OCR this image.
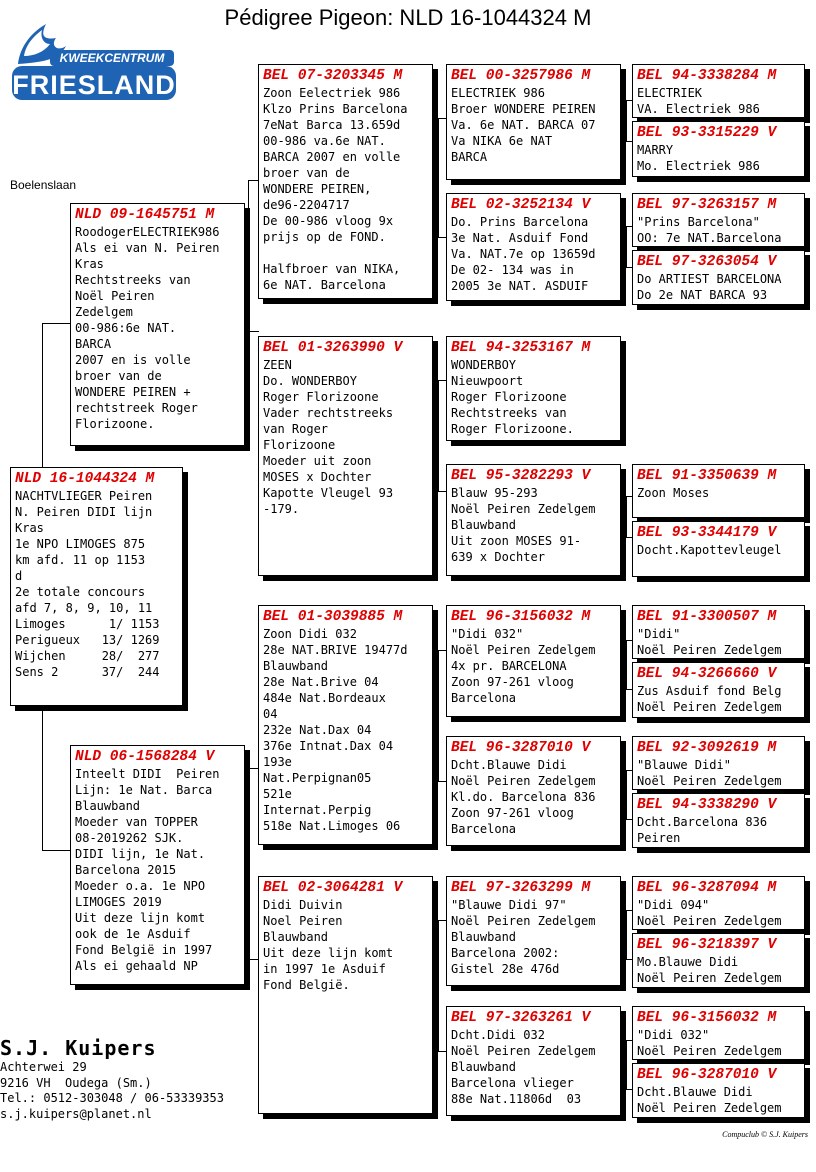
Pédigree Pigeon: NLD 16-1044324 M
KWEEKCENTRUM
FRIESLAND
Boelenslaan
NLD 16-1044324 M
NACHTVLIEGER Peiren
N. Peiren DIDI lijn
Kras
1e NPO LIMOGES 875
km afd. 11 op 1153
d
2e totale concours
afd 7, 8, 9, 10, 11
Limoges      1/ 1153
Perigueux   13/ 1269
Wijchen     28/  277
Sens 2      37/  244
NLD 09-1645751 M
RoodogerELECTRIEK986
Als ei van N. Peiren
Kras
Rechtstreeks van
Noël Peiren
Zedelgem
00-986:6e NAT.
BARCA
2007 en is volle
broer van de
WONDERE PEIREN +
rechtstreek Roger
Florizoone.
NLD 06-1568284 V
Inteelt DIDI  Peiren
Lijn: 1e Nat. Barca
Blauwband
Moeder van TOPPER
08-2019262 SJK.
DIDI lijn, 1e Nat.
Barcelona 2015
Moeder o.a. 1e NPO
LIMOGES 2019
Uit deze lijn komt
ook de 1e Asduif
Fond België in 1997
Als ei gehaald NP
BEL 07-3203345 M
Zoon Eelectriek 986
Klzo Prins Barcelona
7eNat Barca 13.659d
00-986 va.6e NAT.
BARCA 2007 en volle
broer van de
WONDERE PEIREN,
de96-2204717
De 00-986 vloog 9x
prijs op de FOND.

Halfbroer van NIKA,
6e NAT. Barcelona
BEL 01-3263990 V
ZEEN
Do. WONDERBOY
Roger Florizoone
Vader rechtstreeks
van Roger
Florizoone
Moeder uit zoon
MOSES x Dochter
Kapotte Vleugel 93
-179.
BEL 01-3039885 M
Zoon Didi 032
28e NAT.BRIVE 19477d
Blauwband
28e Nat.Brive 04
484e Nat.Bordeaux
04
232e Nat.Dax 04
376e Intnat.Dax 04
193e
Nat.Perpignan05
521e
Internat.Perpig
518e Nat.Limoges 06
BEL 02-3064281 V
Didi Duivin
Noel Peiren
Blauwband
Uit deze lijn komt
in 1997 1e Asduif
Fond België.
BEL 00-3257986 M
ELECTRIEK 986
Broer WONDERE PEIREN
Va. 6e NAT. BARCA 07
Va NIKA 6e NAT
BARCA
BEL 02-3252134 V
Do. Prins Barcelona
3e Nat. Asduif Fond
Va. NAT.7e op 13659d
De 02- 134 was in
2005 3e NAT. ASDUIF
BEL 94-3253167 M
WONDERBOY
Nieuwpoort
Roger Florizoone
Rechtstreeks van
Roger Florizoone.
BEL 95-3282293 V
Blauw 95-293
Noël Peiren Zedelgem
Blauwband
Uit zoon MOSES 91-
639 x Dochter
BEL 96-3156032 M
"Didi 032"
Noël Peiren Zedelgem
4x pr. BARCELONA
Zoon 97-261 vloog
Barcelona
BEL 96-3287010 V
Dcht.Blauwe Didi
Noël Peiren Zedelgem
Kl.do. Barcelona 836
Zoon 97-261 vloog
Barcelona
BEL 97-3263299 M
"Blauwe Didi 97"
Noël Peiren Zedelgem
Blauwband
Barcelona 2002:
Gistel 28e 476d
BEL 97-3263261 V
Dcht.Didi 032
Noël Peiren Zedelgem
Blauwband
Barcelona vlieger
88e Nat.11806d  03
BEL 94-3338284 M
ELECTRIEK
VA. Electriek 986
BEL 93-3315229 V
MARRY
Mo. Electriek 986
BEL 97-3263157 M
"Prins Barcelona"
OO: 7e NAT.Barcelona
BEL 97-3263054 V
Do ARTIEST BARCELONA
Do 2e NAT BARCA 93
BEL 91-3350639 M
Zoon Moses
BEL 93-3344179 V
Docht.Kapottevleugel
BEL 91-3300507 M
"Didi"
Noël Peiren Zedelgem
BEL 94-3266660 V
Zus Asduif fond Belg
Noël Peiren Zedelgem
BEL 92-3092619 M
"Blauwe Didi"
Noël Peiren Zedelgem
BEL 94-3338290 V
Dcht.Barcelona 836
Peiren
BEL 96-3287094 M
"Didi 094"
Noël Peiren Zedelgem
BEL 96-3218397 V
Mo.Blauwe Didi
Noël Peiren Zedelgem
BEL 96-3156032 M
"Didi 032"
Noël Peiren Zedelgem
BEL 96-3287010 V
Dcht.Blauwe Didi
Noël Peiren Zedelgem
S.J. Kuipers
Achterwei 29
9216 VH  Oudega (Sm.)
Tel.: 0512-303048 / 06-53339353
s.j.kuipers@planet.nl
Compuclub © S.J. Kuipers
